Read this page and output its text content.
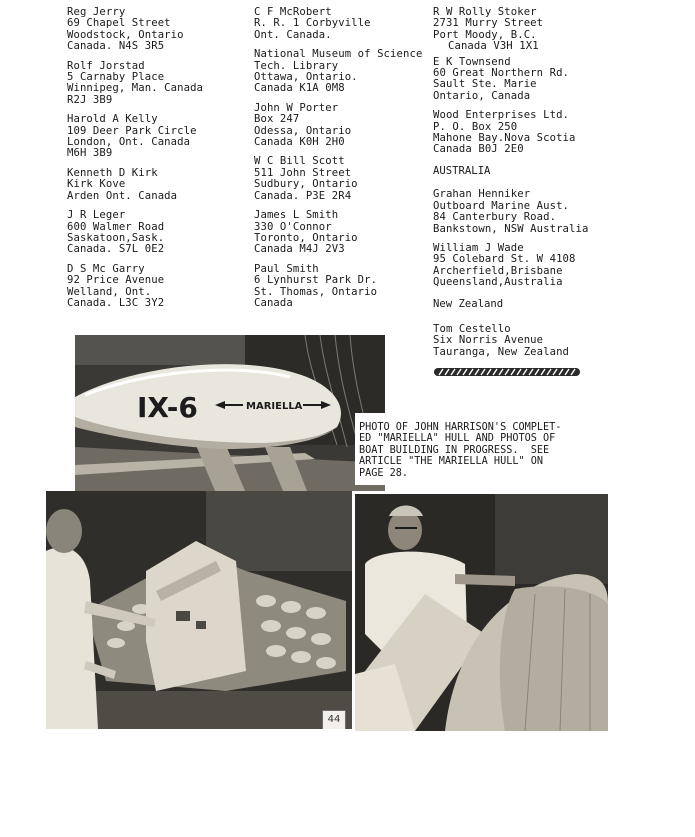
Reg Jerry
69 Chapel Street
Woodstock, Ontario
Canada. N4S 3R5
Rolf Jorstad
5 Carnaby Place
Winnipeg, Man. Canada
R2J 3B9
Harold A Kelly
109 Deer Park Circle
London, Ont. Canada
M6H 3B9
Kenneth D Kirk
Kirk Kove
Arden Ont. Canada
J R Leger
600 Walmer Road
Saskatoon,Sask.
Canada. S7L 0E2
D S Mc Garry
92 Price Avenue
Welland, Ont.
Canada. L3C 3Y2
C F McRobert
R. R. 1 Corbyville
Ont. Canada.
National Museum of Science
Tech. Library
Ottawa, Ontario.
Canada K1A 0M8
John W Porter
Box 247
Odessa, Ontario
Canada K0H 2H0
W C Bill Scott
511 John Street
Sudbury, Ontario
Canada. P3E 2R4
James L Smith
330 O'Connor
Toronto, Ontario
Canada M4J 2V3
Paul Smith
6 Lynhurst Park Dr.
St. Thomas, Ontario
Canada
R W Rolly Stoker
2731 Murry Street
Port Moody, B.C.
Canada V3H 1X1
E K Townsend
60 Great Northern Rd.
Sault Ste. Marie
Ontario, Canada
Wood Enterprises Ltd.
P. O. Box 250
Mahone Bay.Nova Scotia
Canada B0J 2E0
AUSTRALIA
Grahan Henniker
Outboard Marine Aust.
84 Canterbury Road.
Bankstown, NSW Australia
William J Wade
95 Colebard St. W 4108
Archerfield,Brisbane
Queensland,Australia
New Zealand
Tom Cestello
Six Norris Avenue
Tauranga, New Zealand
IX-6	MARIELLA
PHOTO OF JOHN HARRISON'S COMPLET-
ED "MARIELLA" HULL AND PHOTOS OF
BOAT BUILDING IN PROGRESS.  SEE
ARTICLE "THE MARIELLA HULL" ON
PAGE 28.
44
